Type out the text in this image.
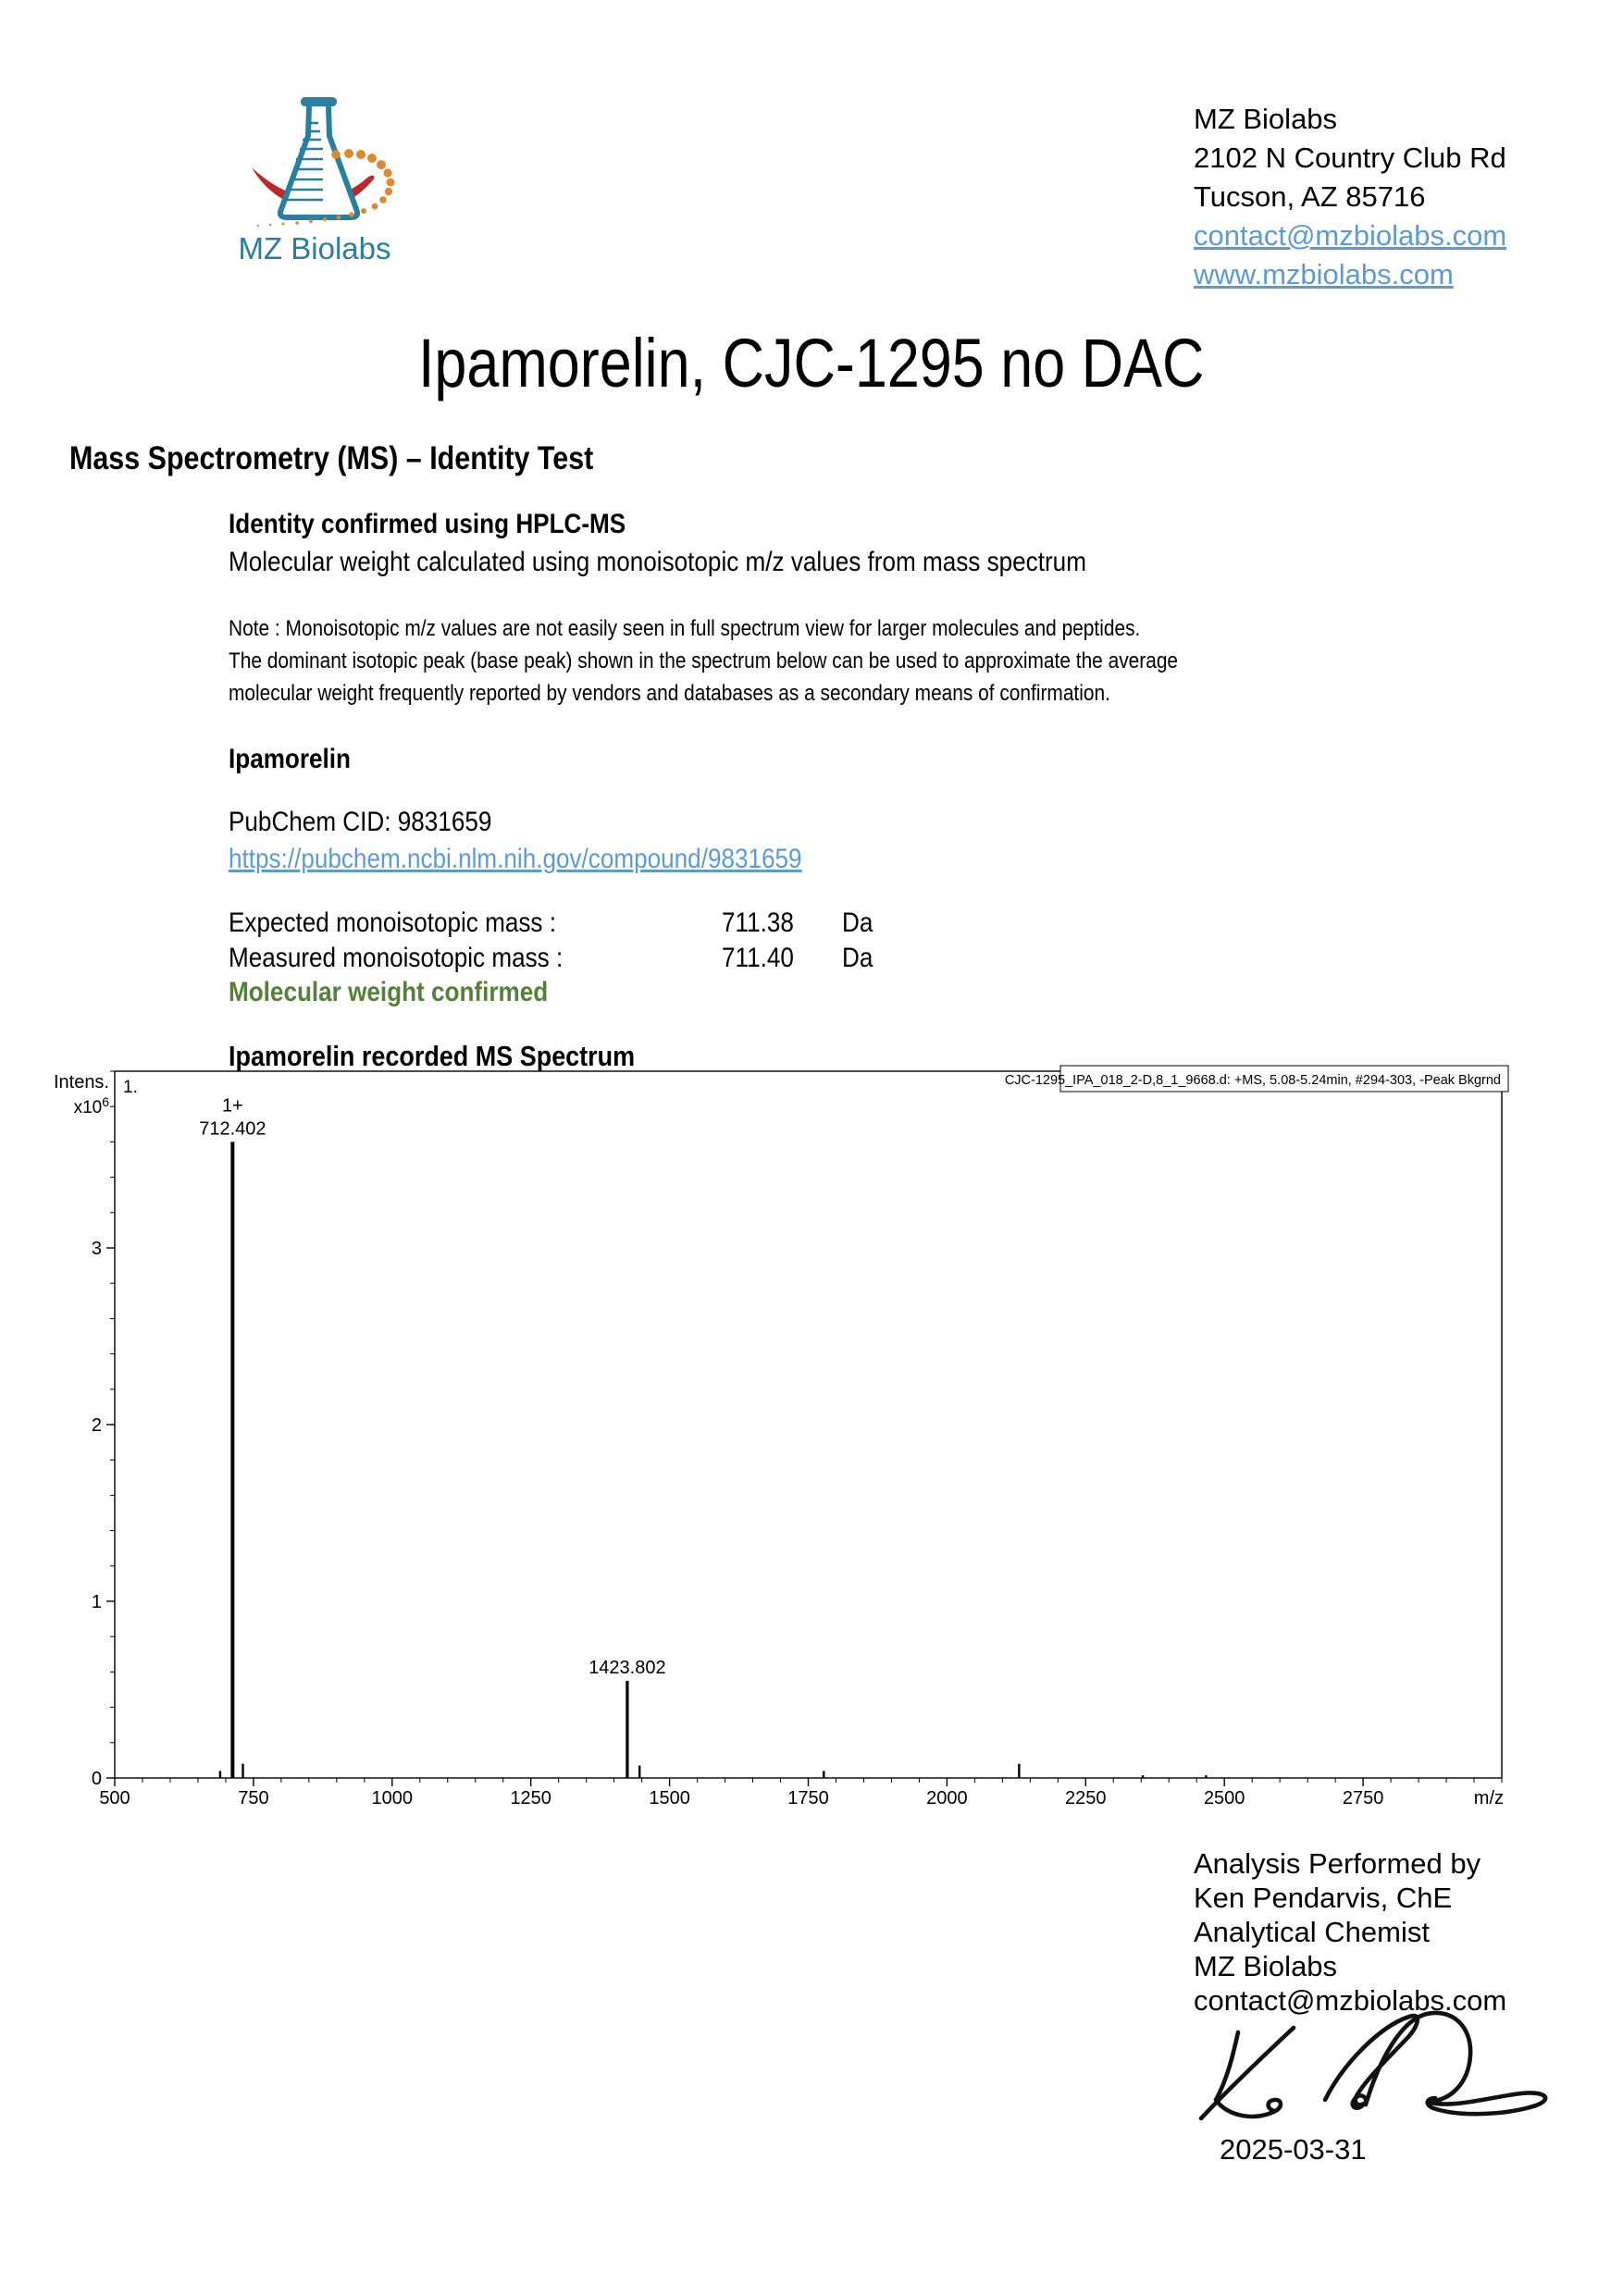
MZ Biolabs
MZ Biolabs
2102 N Country Club Rd
Tucson, AZ 85716
contact@mzbiolabs.com
www.mzbiolabs.com
Ipamorelin, CJC-1295 no DAC
Mass Spectrometry (MS) – Identity Test
Identity confirmed using HPLC-MS
Molecular weight calculated using monoisotopic m/z values from mass spectrum
Note : Monoisotopic m/z values are not easily seen in full spectrum view for larger molecules and peptides.
The dominant isotopic peak (base peak) shown in the spectrum below can be used to approximate the average
molecular weight frequently reported by vendors and databases as a secondary means of confirmation.
Ipamorelin
PubChem CID: 9831659
https://pubchem.ncbi.nlm.nih.gov/compound/9831659
Expected monoisotopic mass :	711.38	Da
Measured monoisotopic mass :	711.40	Da
Molecular weight confirmed
Ipamorelin recorded MS Spectrum
500	750	1000	1250	1500	1750	2000	2250	2500	2750	m/z
0
1
2
3
Intens.
$x10^6$
1.	CJC-1295_IPA_018_2-D,8_1_9668.d: +MS, 5.08-5.24min, #294-303, -Peak Bkgrnd
712.402
1+
1423.802
Analysis Performed by
Ken Pendarvis, ChE
Analytical Chemist
MZ Biolabs
contact@mzbiolabs.com
2025-03-31
